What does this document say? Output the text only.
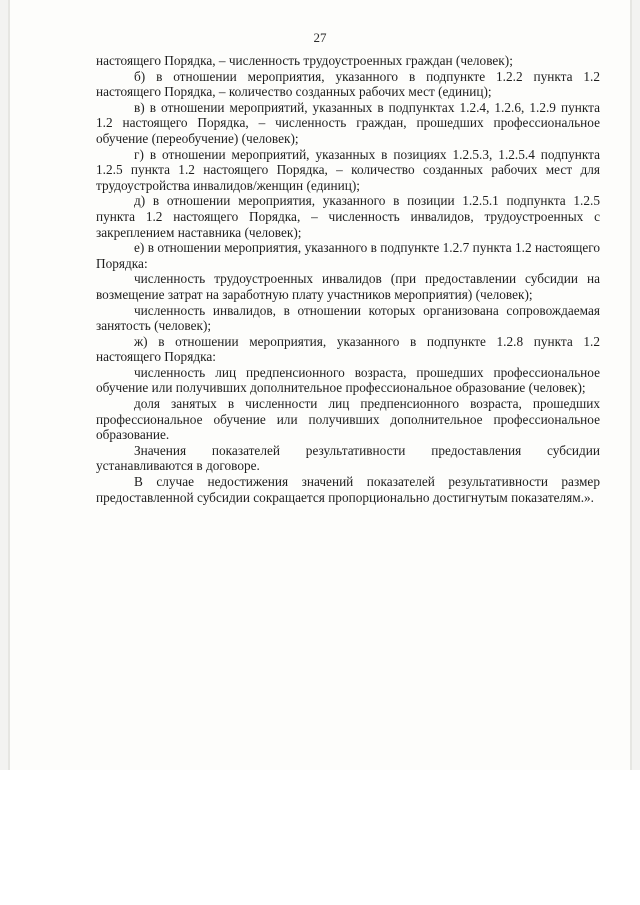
27

настоящего Порядка, – численность трудоустроенных граждан (человек);

б) в отношении мероприятия, указанного в подпункте 1.2.2 пункта 1.2 настоящего Порядка, – количество созданных рабочих мест (единиц);

в) в отношении мероприятий, указанных в подпунктах 1.2.4, 1.2.6, 1.2.9 пункта 1.2 настоящего Порядка, – численность граждан, прошедших профессиональное обучение (переобучение) (человек);

г) в отношении мероприятий, указанных в позициях 1.2.5.3, 1.2.5.4 подпункта 1.2.5 пункта 1.2 настоящего Порядка, – количество созданных рабочих мест для трудоустройства инвалидов/женщин (единиц);

д) в отношении мероприятия, указанного в позиции 1.2.5.1 подпункта 1.2.5 пункта 1.2 настоящего Порядка, – численность инвалидов, трудоустроенных с закреплением наставника (человек);

е) в отношении мероприятия, указанного в подпункте 1.2.7 пункта 1.2 настоящего Порядка:

численность трудоустроенных инвалидов (при предоставлении субсидии на возмещение затрат на заработную плату участников мероприятия) (человек);

численность инвалидов, в отношении которых организована сопровождаемая занятость (человек);

ж) в отношении мероприятия, указанного в подпункте 1.2.8 пункта 1.2 настоящего Порядка:

численность лиц предпенсионного возраста, прошедших профессиональное обучение или получивших дополнительное профессиональное образование (человек);

доля занятых в численности лиц предпенсионного возраста, прошедших профессиональное обучение или получивших дополнительное профессиональное образование.

Значения показателей результативности предоставления субсидии устанавливаются в договоре.

В случае недостижения значений показателей результативности размер предоставленной субсидии сокращается пропорционально достигнутым показателям.».
